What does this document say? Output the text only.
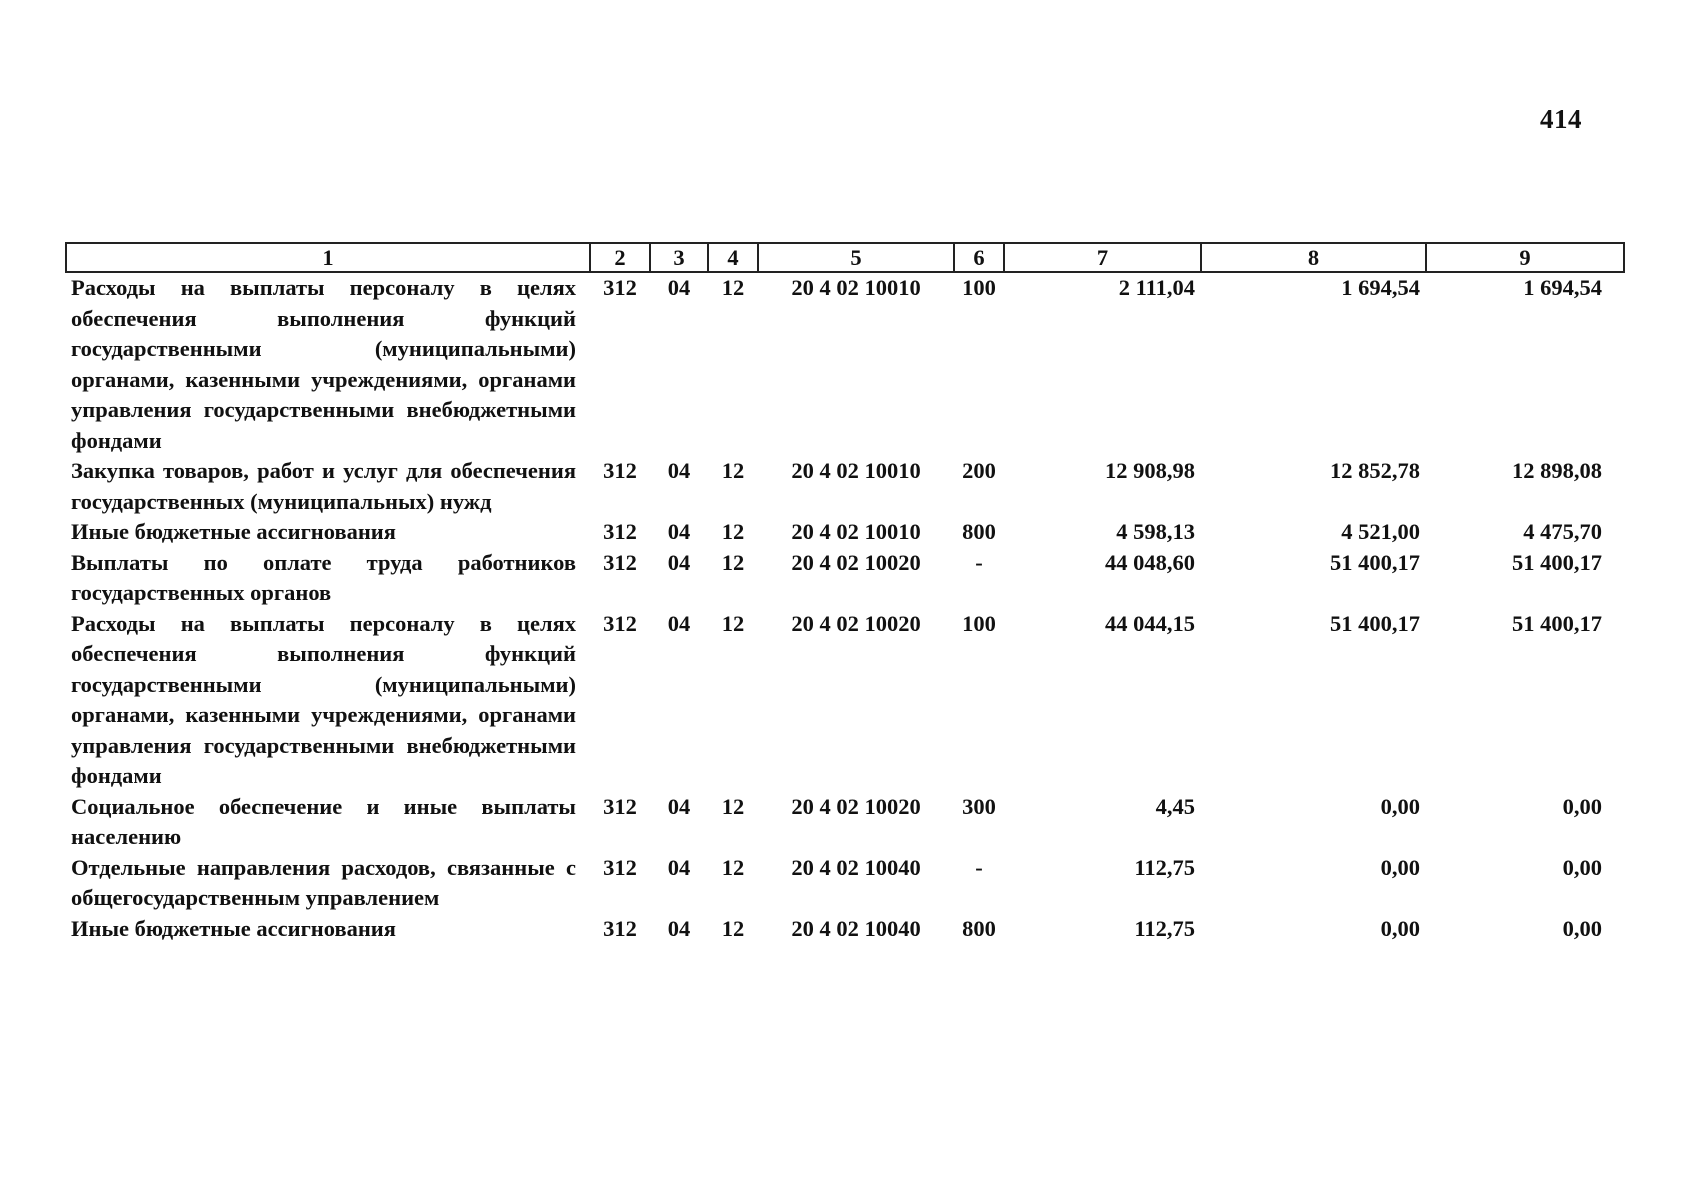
414
1	2	3	4	5	6	7	8	9
Расходы на выплаты персоналу в целях обеспечения выполнения функций государственными (муниципальными) органами, казенными учреждениями, органами управления государственными внебюджетными фондами	312	04	12	20 4 02 10010	100	2 111,04	1 694,54	1 694,54
Закупка товаров, работ и услуг для обеспечения государственных (муниципальных) нужд	312	04	12	20 4 02 10010	200	12 908,98	12 852,78	12 898,08
Иные бюджетные ассигнования	312	04	12	20 4 02 10010	800	4 598,13	4 521,00	4 475,70
Выплаты по оплате труда работников государственных органов	312	04	12	20 4 02 10020	-	44 048,60	51 400,17	51 400,17
Расходы на выплаты персоналу в целях обеспечения выполнения функций государственными (муниципальными) органами, казенными учреждениями, органами управления государственными внебюджетными фондами	312	04	12	20 4 02 10020	100	44 044,15	51 400,17	51 400,17
Социальное обеспечение и иные выплаты населению	312	04	12	20 4 02 10020	300	4,45	0,00	0,00
Отдельные направления расходов, связанные с общегосударственным управлением	312	04	12	20 4 02 10040	-	112,75	0,00	0,00
Иные бюджетные ассигнования	312	04	12	20 4 02 10040	800	112,75	0,00	0,00
